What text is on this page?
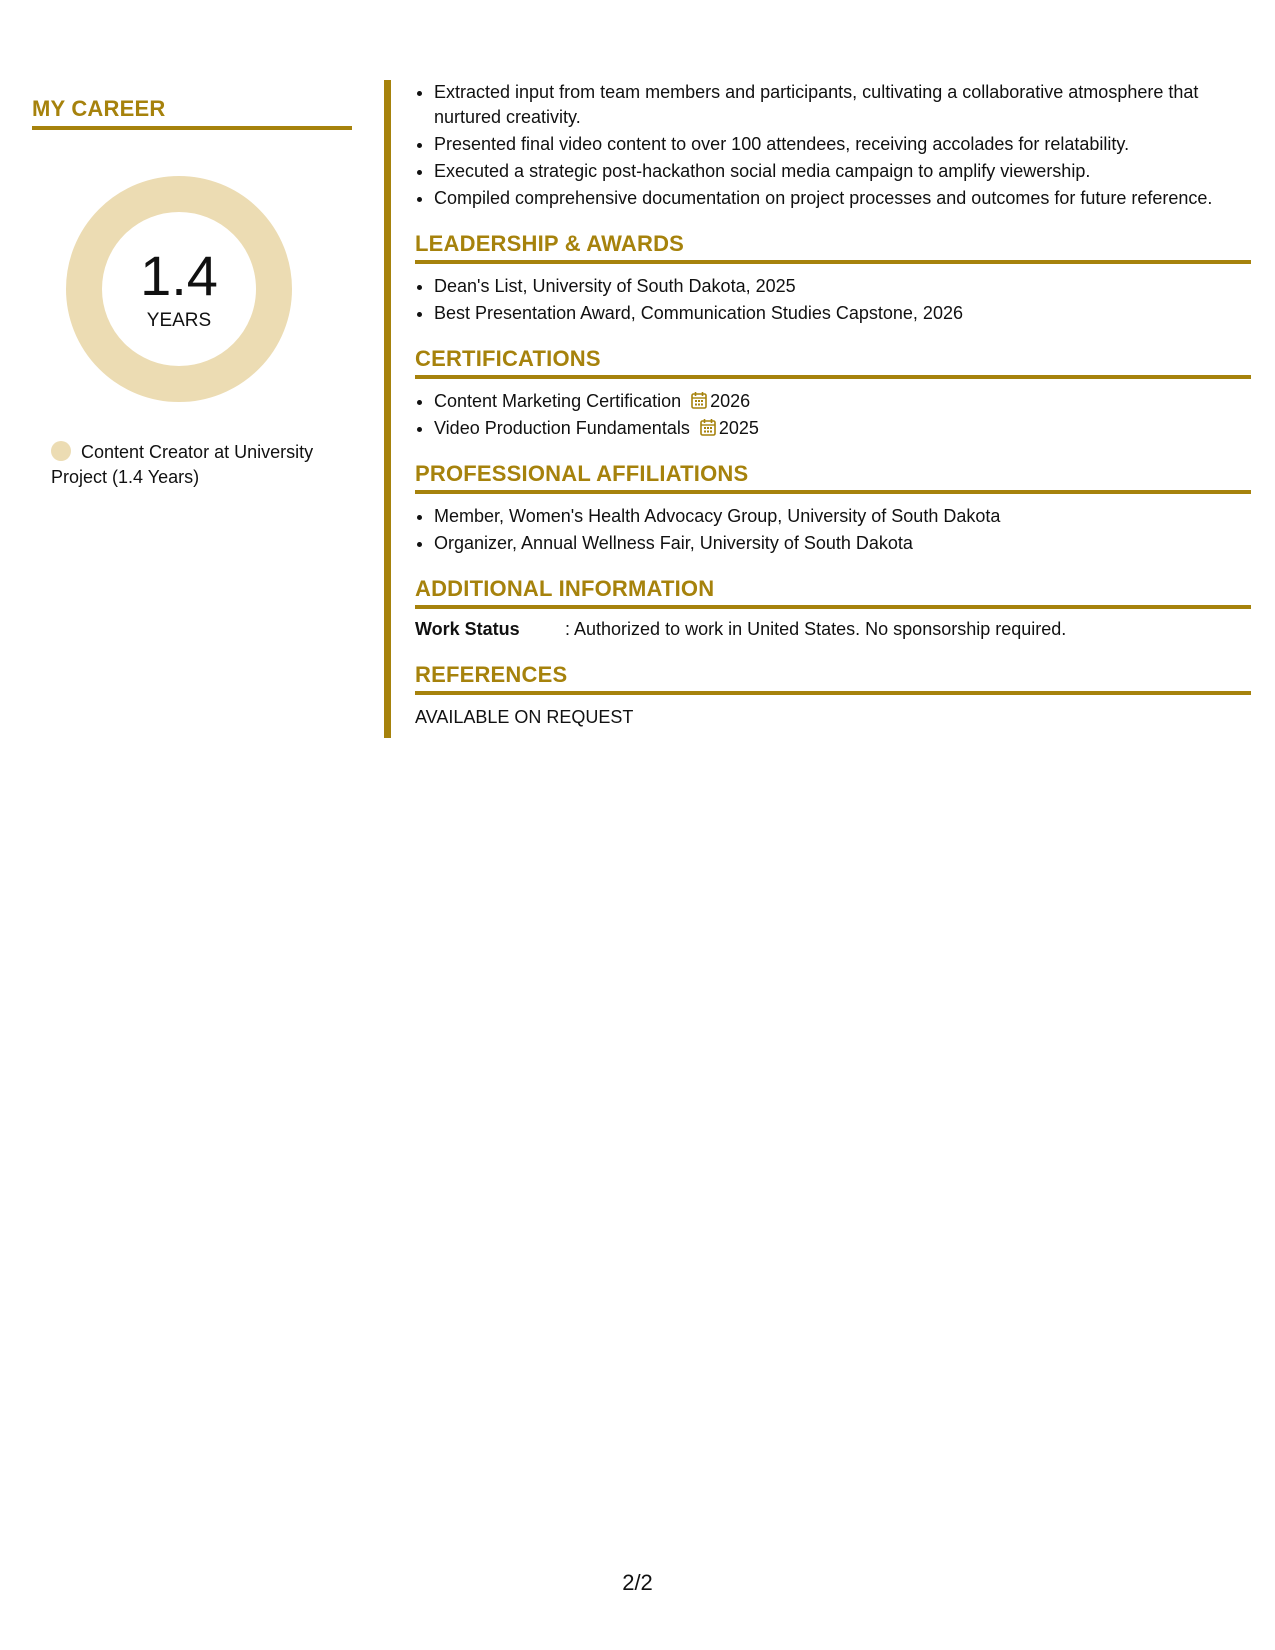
MY CAREER
1.4
YEARS
Content Creator at University Project (1.4 Years)
• Extracted input from team members and participants, cultivating a collaborative atmosphere that nurtured creativity.
• Presented final video content to over 100 attendees, receiving accolades for relatability.
• Executed a strategic post-hackathon social media campaign to amplify viewership.
• Compiled comprehensive documentation on project processes and outcomes for future reference.
LEADERSHIP & AWARDS
• Dean's List, University of South Dakota, 2025
• Best Presentation Award, Communication Studies Capstone, 2026
CERTIFICATIONS
• Content Marketing Certification 2026
• Video Production Fundamentals 2025
PROFESSIONAL AFFILIATIONS
• Member, Women's Health Advocacy Group, University of South Dakota
• Organizer, Annual Wellness Fair, University of South Dakota
ADDITIONAL INFORMATION
Work Status	: Authorized to work in United States. No sponsorship required.
REFERENCES
AVAILABLE ON REQUEST
2/2
